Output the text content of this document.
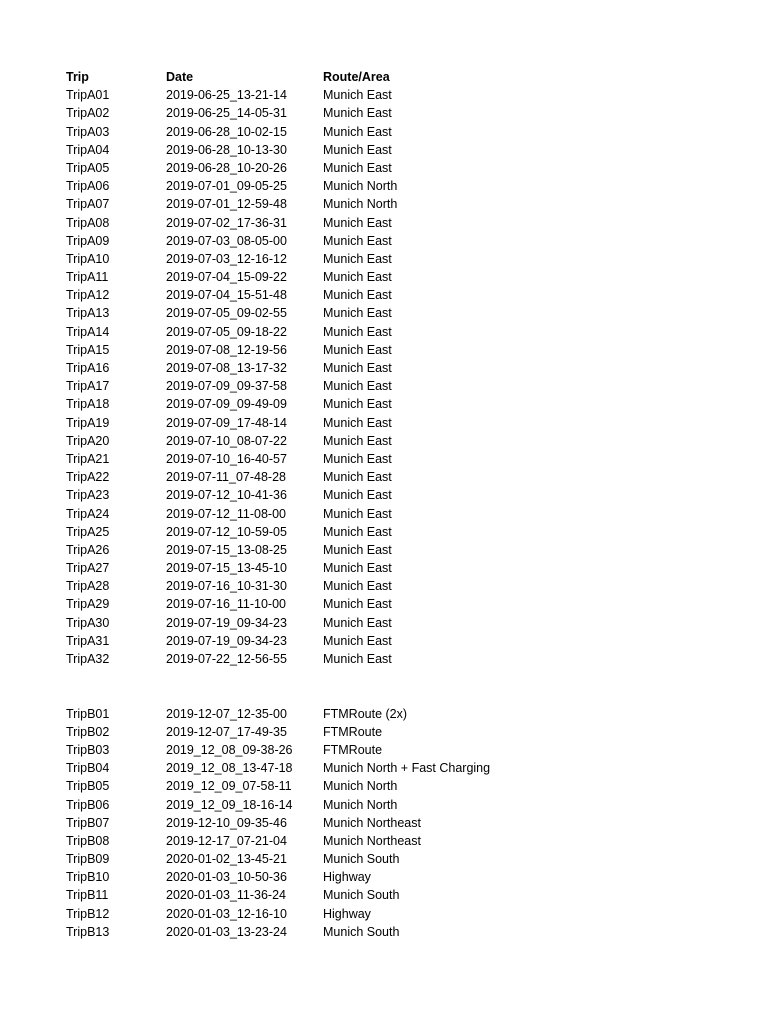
Trip	Date	Route/Area
TripA01	2019-06-25_13-21-14	Munich East
TripA02	2019-06-25_14-05-31	Munich East
TripA03	2019-06-28_10-02-15	Munich East
TripA04	2019-06-28_10-13-30	Munich East
TripA05	2019-06-28_10-20-26	Munich East
TripA06	2019-07-01_09-05-25	Munich North
TripA07	2019-07-01_12-59-48	Munich North
TripA08	2019-07-02_17-36-31	Munich East
TripA09	2019-07-03_08-05-00	Munich East
TripA10	2019-07-03_12-16-12	Munich East
TripA11	2019-07-04_15-09-22	Munich East
TripA12	2019-07-04_15-51-48	Munich East
TripA13	2019-07-05_09-02-55	Munich East
TripA14	2019-07-05_09-18-22	Munich East
TripA15	2019-07-08_12-19-56	Munich East
TripA16	2019-07-08_13-17-32	Munich East
TripA17	2019-07-09_09-37-58	Munich East
TripA18	2019-07-09_09-49-09	Munich East
TripA19	2019-07-09_17-48-14	Munich East
TripA20	2019-07-10_08-07-22	Munich East
TripA21	2019-07-10_16-40-57	Munich East
TripA22	2019-07-11_07-48-28	Munich East
TripA23	2019-07-12_10-41-36	Munich East
TripA24	2019-07-12_11-08-00	Munich East
TripA25	2019-07-12_10-59-05	Munich East
TripA26	2019-07-15_13-08-25	Munich East
TripA27	2019-07-15_13-45-10	Munich East
TripA28	2019-07-16_10-31-30	Munich East
TripA29	2019-07-16_11-10-00	Munich East
TripA30	2019-07-19_09-34-23	Munich East
TripA31	2019-07-19_09-34-23	Munich East
TripA32	2019-07-22_12-56-55	Munich East
TripB01	2019-12-07_12-35-00	FTMRoute (2x)
TripB02	2019-12-07_17-49-35	FTMRoute
TripB03	2019_12_08_09-38-26 FTMRoute
TripB04	2019_12_08_13-47-18 Munich North + Fast Charging
TripB05	2019_12_09_07-58-11	Munich North
TripB06	2019_12_09_18-16-14 Munich North
TripB07	2019-12-10_09-35-46	Munich Northeast
TripB08	2019-12-17_07-21-04	Munich Northeast
TripB09	2020-01-02_13-45-21	Munich South
TripB10	2020-01-03_10-50-36	Highway
TripB11	2020-01-03_11-36-24	Munich South
TripB12	2020-01-03_12-16-10	Highway
TripB13	2020-01-03_13-23-24	Munich South
